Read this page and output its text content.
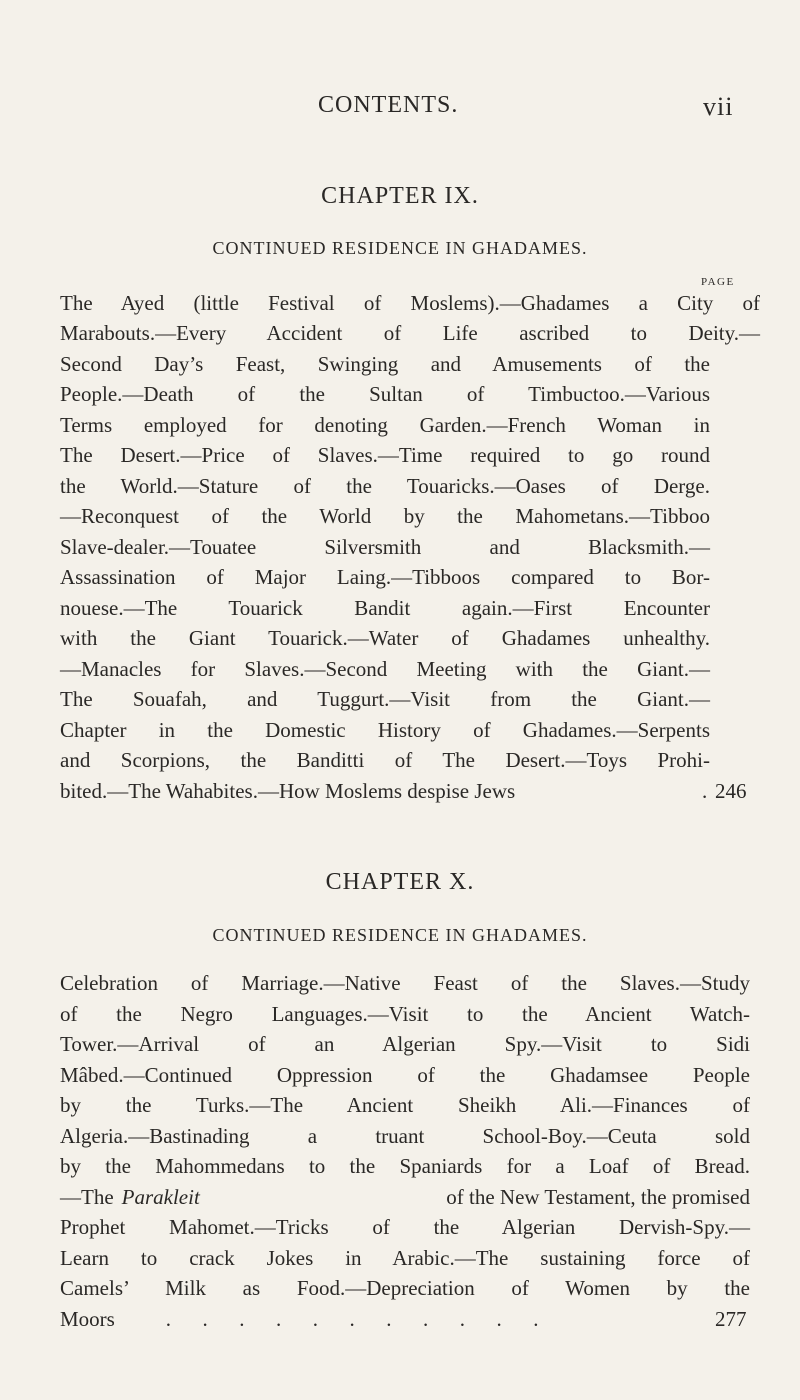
CONTENTS.	vii
CHAPTER IX.
CONTINUED RESIDENCE IN GHADAMES.
PAGE
The Ayed (little Festival of Moslems).—Ghadames a City of
Marabouts.—Every Accident of Life ascribed to Deity.—
Second Day’s Feast, Swinging and Amusements of the
People.—Death of the Sultan of Timbuctoo.—Various
Terms employed for denoting Garden.—French Woman in
The Desert.—Price of Slaves.—Time required to go round
the World.—Stature of the Touaricks.—Oases of Derge.
—Reconquest of the World by the Mahometans.—Tibboo
Slave-dealer.—Touatee Silversmith and Blacksmith.—
Assassination of Major Laing.—Tibboos compared to Bor-
nouese.—The Touarick Bandit again.—First Encounter
with the Giant Touarick.—Water of Ghadames unhealthy.
—Manacles for Slaves.—Second Meeting with the Giant.—
The Souafah, and Tuggurt.—Visit from the Giant.—
Chapter in the Domestic History of Ghadames.—Serpents
and Scorpions, the Banditti of The Desert.—Toys Prohi-
bited.—The Wahabites.—How Moslems despise Jews	. 246
CHAPTER X.
CONTINUED RESIDENCE IN GHADAMES.
Celebration of Marriage.—Native Feast of the Slaves.—Study
of the Negro Languages.—Visit to the Ancient Watch-
Tower.—Arrival of an Algerian Spy.—Visit to Sidi
Mâbed.—Continued Oppression of the Ghadamsee People
by the Turks.—The Ancient Sheikh Ali.—Finances of
Algeria.—Bastinading a truant School-Boy.—Ceuta sold
by the Mahommedans to the Spaniards for a Loaf of Bread.
—The Parakleit	of the New Testament, the promised
Prophet Mahomet.—Tricks of the Algerian Dervish-Spy.—
Learn to crack Jokes in Arabic.—The sustaining force of
Camels’ Milk as Food.—Depreciation of Women by the
Moors	.      .      .      .      .      .      .      .      .      .      .	277
